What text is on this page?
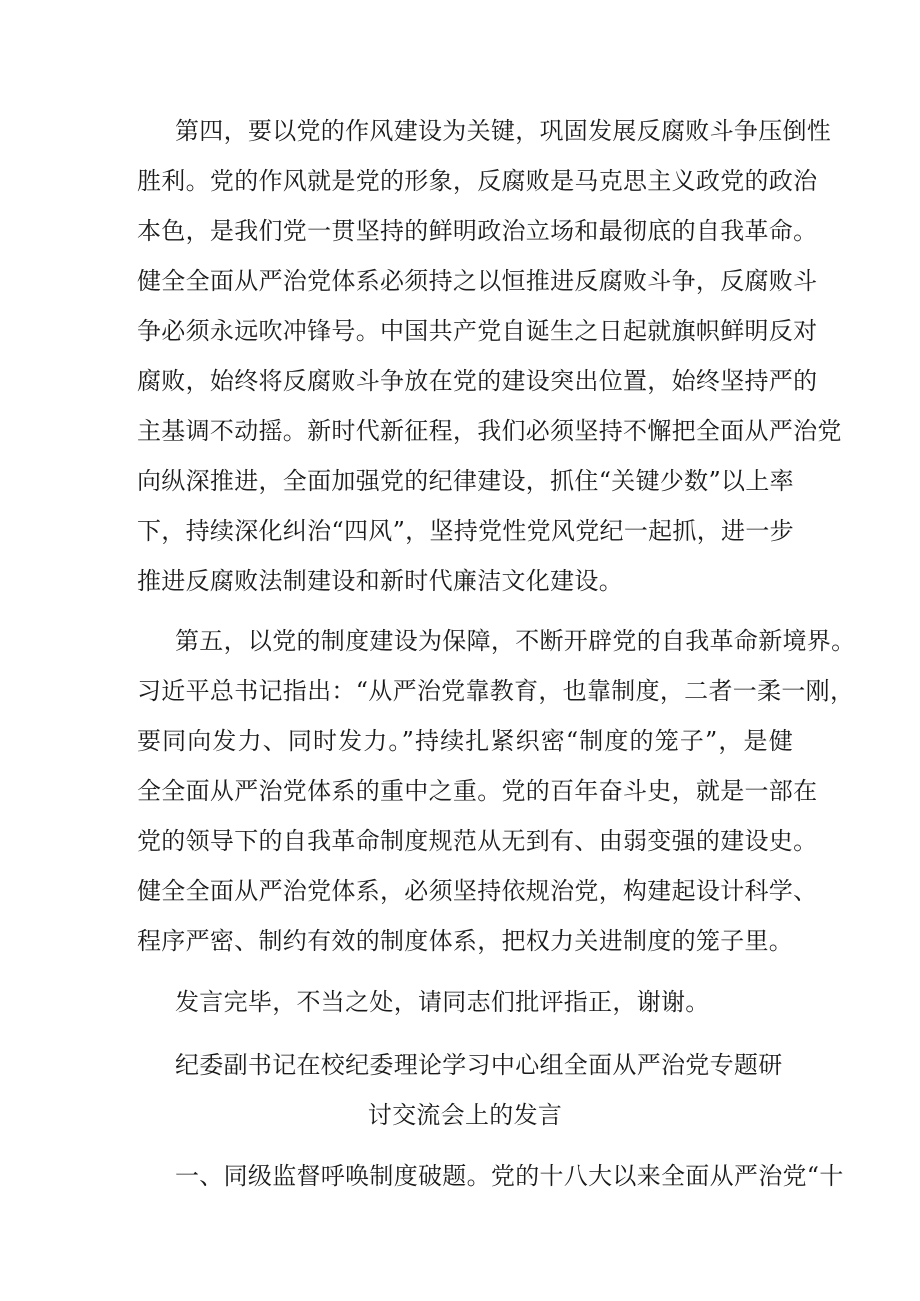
第四，要以党的作风建设为关键，巩固发展反腐败斗争压倒性
胜利。党的作风就是党的形象，反腐败是马克思主义政党的政治
本色，是我们党一贯坚持的鲜明政治立场和最彻底的自我革命。
健全全面从严治党体系必须持之以恒推进反腐败斗争，反腐败斗
争必须永远吹冲锋号。中国共产党自诞生之日起就旗帜鲜明反对
腐败，始终将反腐败斗争放在党的建设突出位置，始终坚持严的
主基调不动摇。新时代新征程，我们必须坚持不懈把全面从严治党
向纵深推进，全面加强党的纪律建设，抓住“关键少数”以上率
下，持续深化纠治“四风”，坚持党性党风党纪一起抓，进一步
推进反腐败法制建设和新时代廉洁文化建设。
第五，以党的制度建设为保障，不断开辟党的自我革命新境界。
习近平总书记指出：“从严治党靠教育，也靠制度，二者一柔一刚，
要同向发力、同时发力。”持续扎紧织密“制度的笼子”，是健
全全面从严治党体系的重中之重。党的百年奋斗史，就是一部在
党的领导下的自我革命制度规范从无到有、由弱变强的建设史。
健全全面从严治党体系，必须坚持依规治党，构建起设计科学、
程序严密、制约有效的制度体系，把权力关进制度的笼子里。
发言完毕，不当之处，请同志们批评指正，谢谢。
纪委副书记在校纪委理论学习中心组全面从严治党专题研
讨交流会上的发言
一、同级监督呼唤制度破题。党的十八大以来全面从严治党“十
